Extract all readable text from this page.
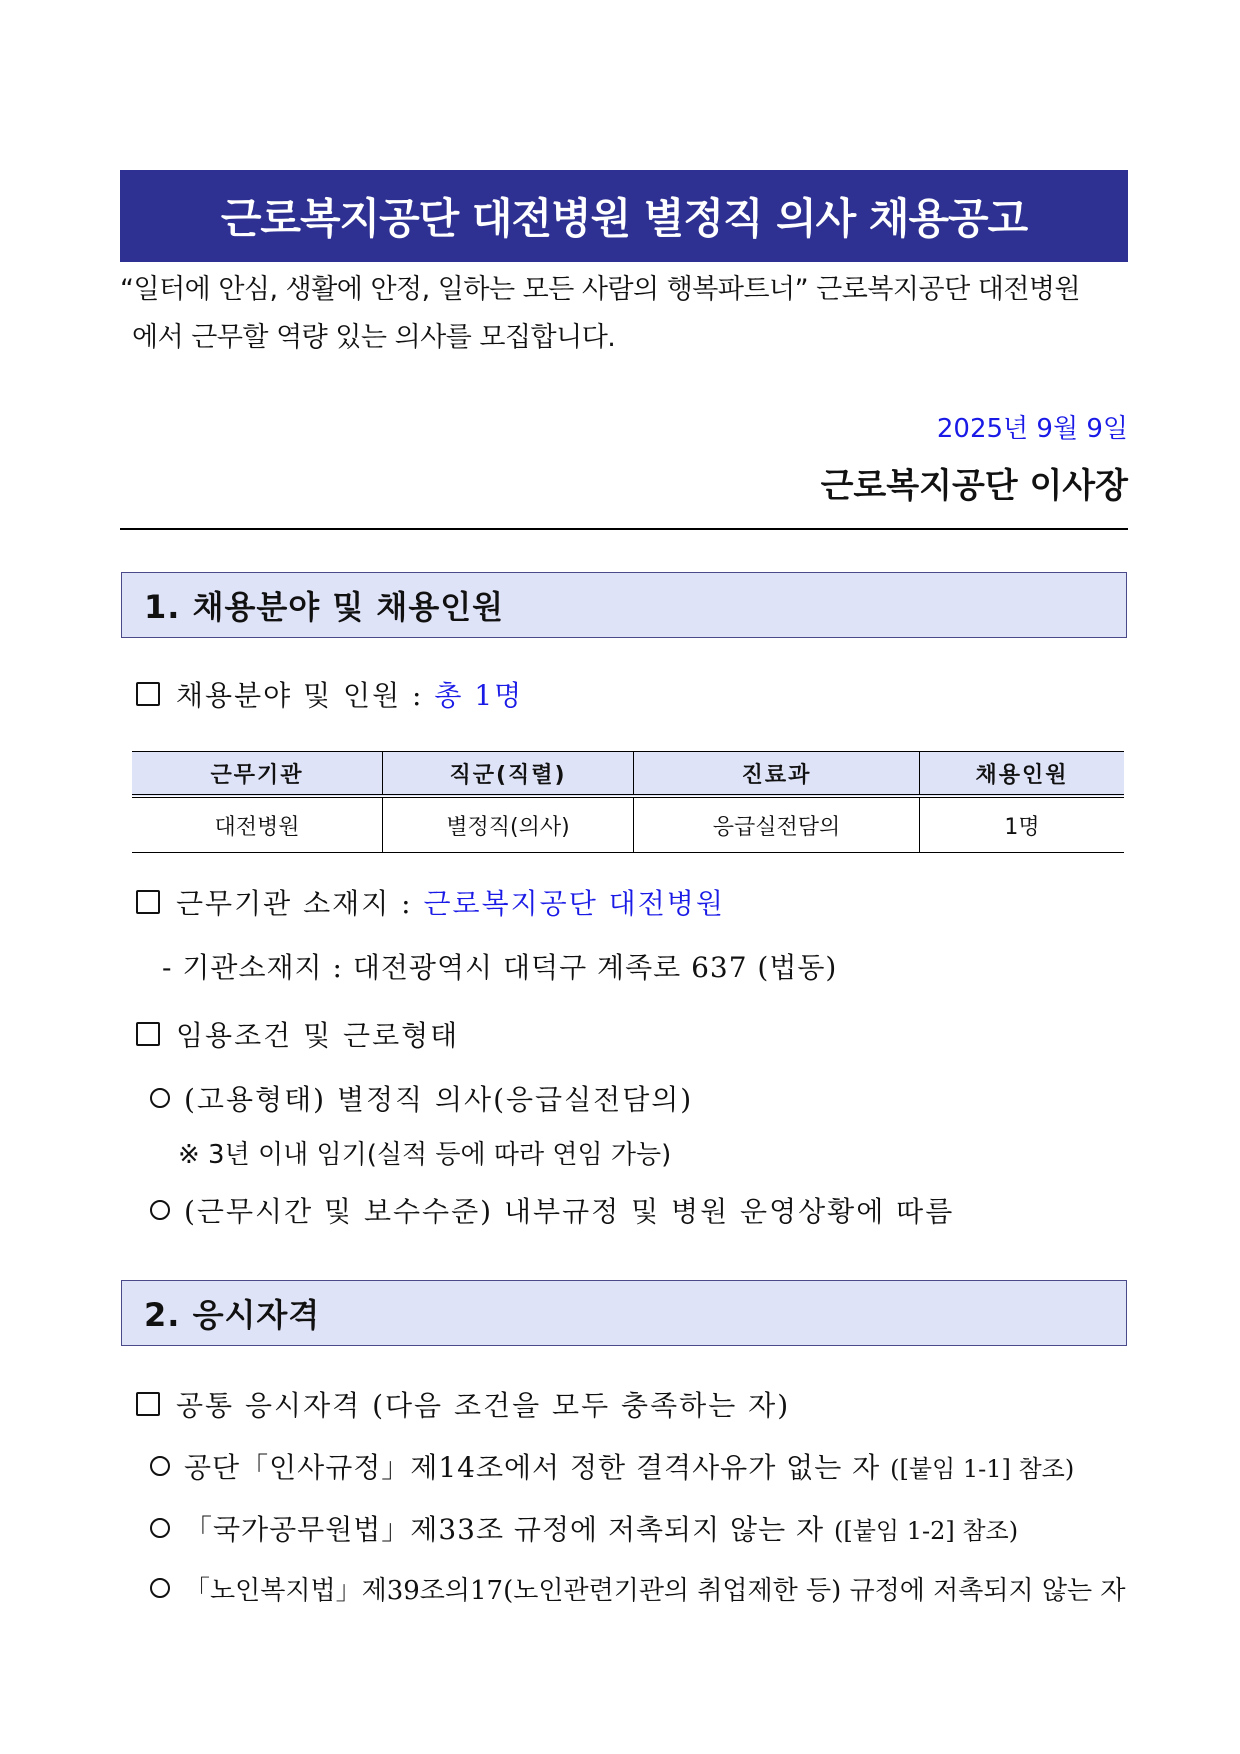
근로복지공단 대전병원 별정직 의사 채용공고
“일터에 안심, 생활에 안정, 일하는 모든 사람의 행복파트너” 근로복지공단 대전병원
에서 근무할 역량 있는 의사를 모집합니다.
2025년 9월 9일
근로복지공단 이사장
1. 채용분야 및 채용인원
채용분야 및 인원 : 총 1명
근무기관	직군(직렬)	진료과	채용인원
대전병원	별정직(의사)	응급실전담의	1명
근무기관 소재지 : 근로복지공단 대전병원
- 기관소재지 : 대전광역시 대덕구 계족로 637 (법동)
임용조건 및 근로형태
(고용형태) 별정직 의사(응급실전담의)
※ 3년 이내 임기(실적 등에 따라 연임 가능)
(근무시간 및 보수수준) 내부규정 및 병원 운영상황에 따름
2. 응시자격
공통 응시자격 (다음 조건을 모두 충족하는 자)
공단「인사규정」제14조에서 정한 결격사유가 없는 자 ([붙임 1-1] 참조)
「국가공무원법」제33조 규정에 저촉되지 않는 자 ([붙임 1-2] 참조)
「노인복지법」제39조의17(노인관련기관의 취업제한 등) 규정에 저촉되지 않는 자
